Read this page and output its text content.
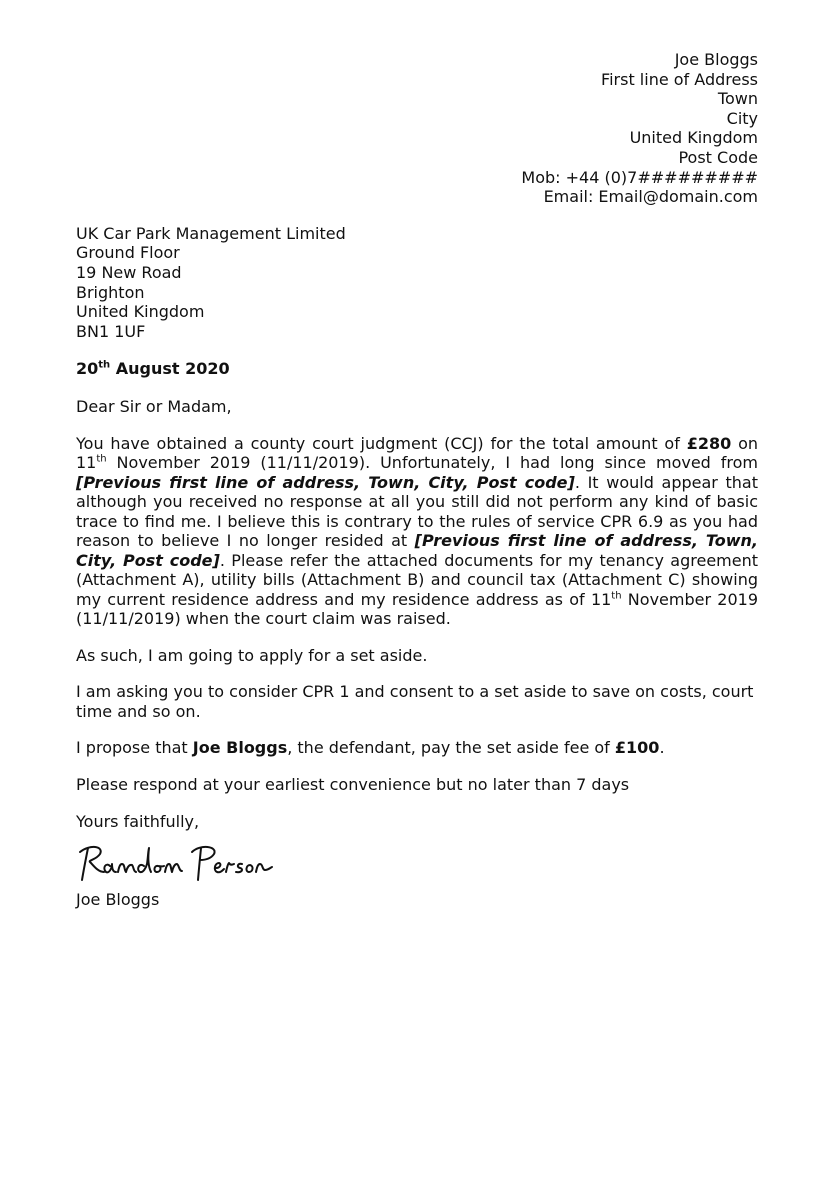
Joe Bloggs
First line of Address
Town
City
United Kingdom
Post Code
Mob: +44 (0)7#########
Email: Email@domain.com
UK Car Park Management Limited
Ground Floor
19 New Road
Brighton
United Kingdom
BN1 1UF
20th August 2020
Dear Sir or Madam,
You have obtained a county court judgment (CCJ) for the total amount of £280 on 11th November 2019 (11/11/2019). Unfortunately, I had long since moved from [Previous first line of address, Town, City, Post code]. It would appear that although you received no response at all you still did not perform any kind of basic trace to find me. I believe this is contrary to the rules of service CPR 6.9 as you had reason to believe I no longer resided at [Previous first line of address, Town, City, Post code]. Please refer the attached documents for my tenancy agreement (Attachment A), utility bills (Attachment B) and council tax (Attachment C) showing my current residence address and my residence address as of 11th November 2019 (11/11/2019) when the court claim was raised.
As such, I am going to apply for a set aside.
I am asking you to consider CPR 1 and consent to a set aside to save on costs, court time and so on.
I propose that Joe Bloggs, the defendant, pay the set aside fee of £100.
Please respond at your earliest convenience but no later than 7 days
Yours faithfully,
Joe Bloggs
